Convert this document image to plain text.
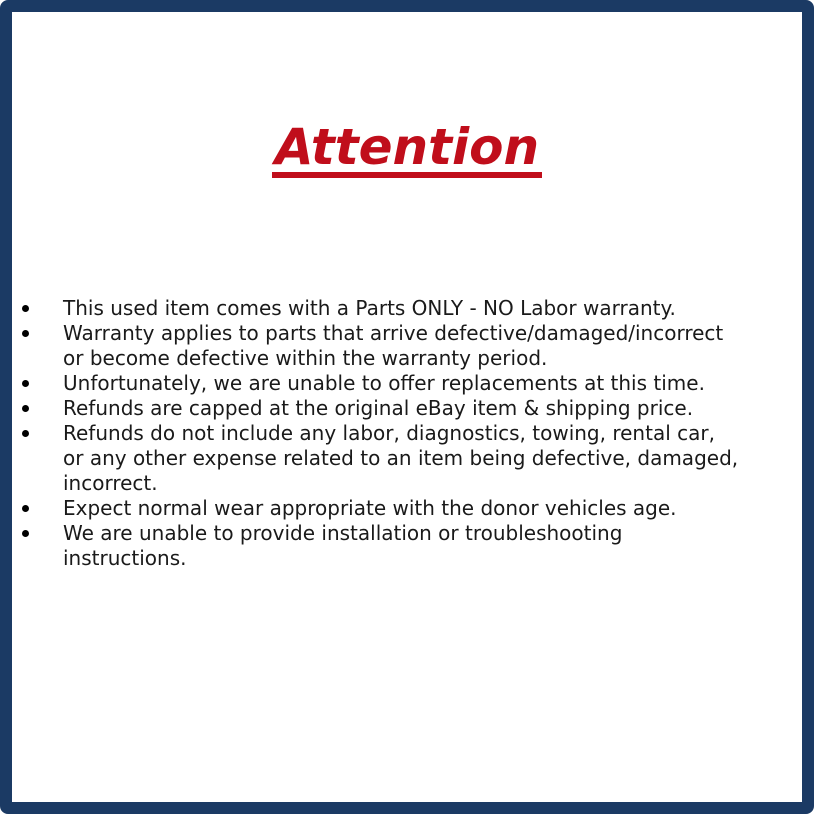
Attention
This used item comes with a Parts ONLY - NO Labor warranty.
Warranty applies to parts that arrive defective/damaged/incorrect
or become defective within the warranty period.
Unfortunately, we are unable to offer replacements at this time.
Refunds are capped at the original eBay item & shipping price.
Refunds do not include any labor, diagnostics, towing, rental car,
or any other expense related to an item being defective, damaged,
incorrect.
Expect normal wear appropriate with the donor vehicles age.
We are unable to provide installation or troubleshooting
instructions.
